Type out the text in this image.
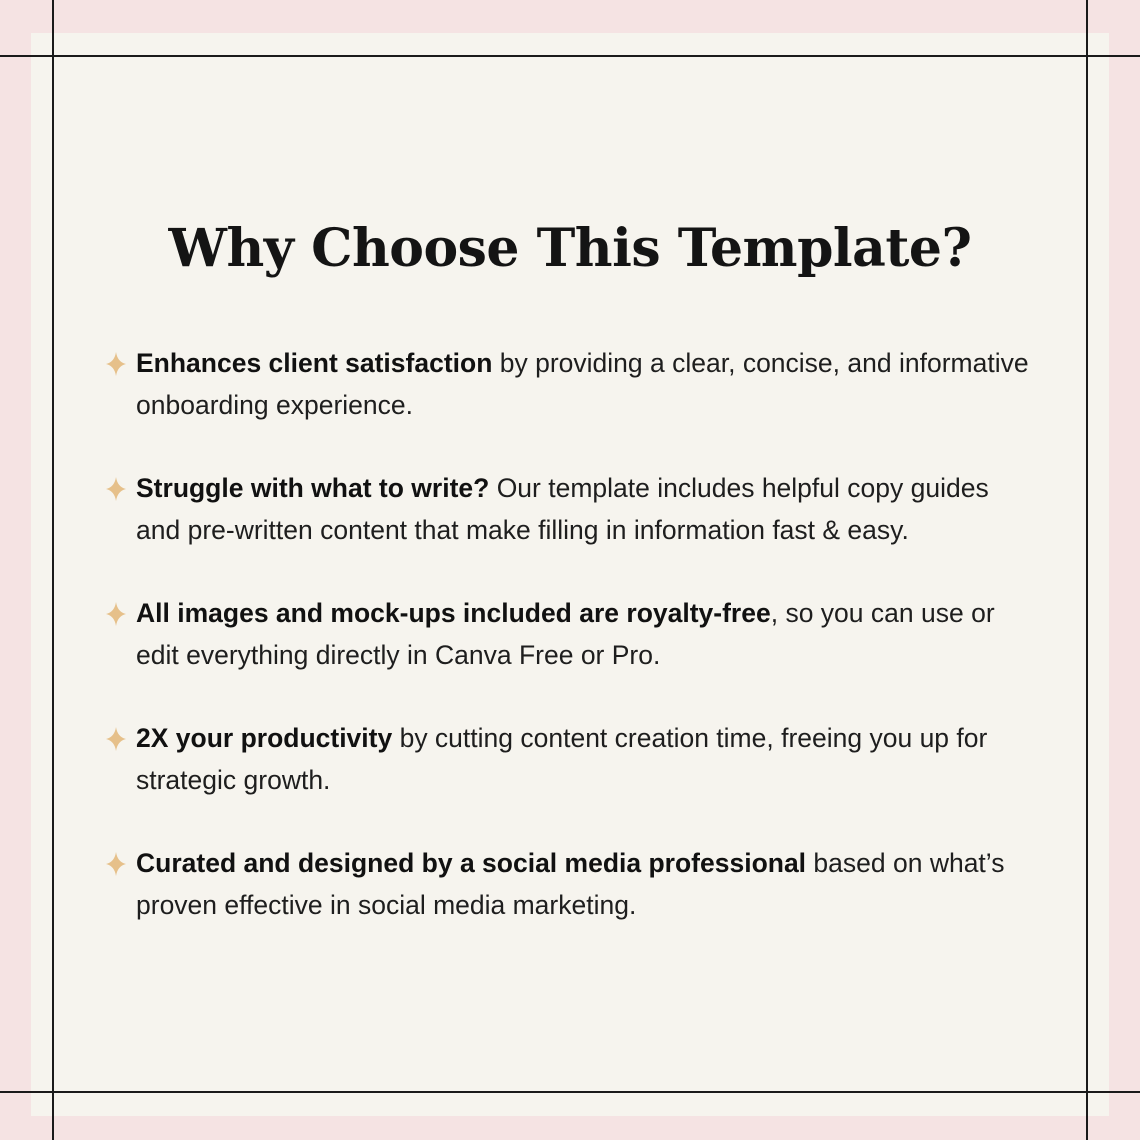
Why Choose This Template?
Enhances client satisfaction by providing a clear, concise, and informative onboarding experience.
Struggle with what to write? Our template includes helpful copy guides and pre-written content that make filling in information fast & easy.
All images and mock-ups included are royalty-free, so you can use or edit everything directly in Canva Free or Pro.
2X your productivity by cutting content creation time, freeing you up for strategic growth.
Curated and designed by a social media professional based on what’s proven effective in social media marketing.
